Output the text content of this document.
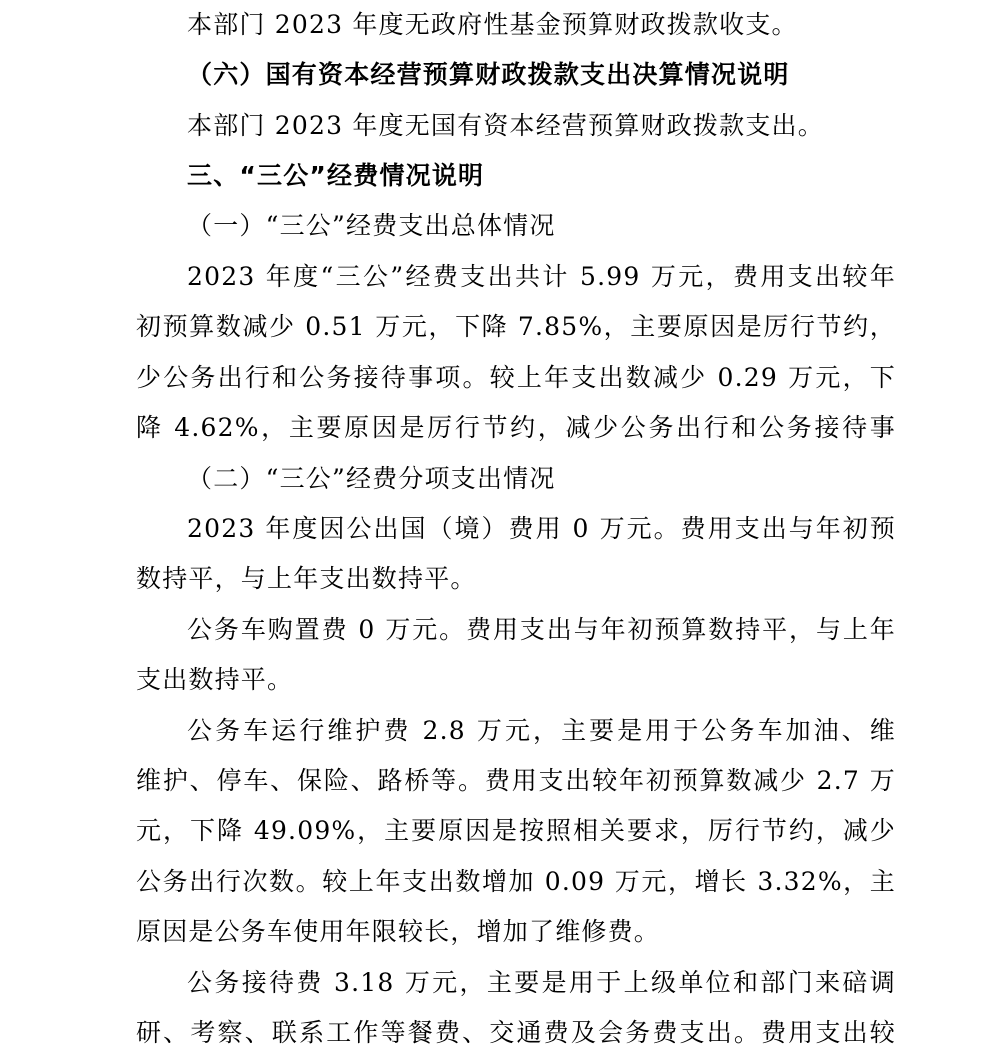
本部门 2023 年度无政府性基金预算财政拨款收支。
（六）国有资本经营预算财政拨款支出决算情况说明
本部门 2023 年度无国有资本经营预算财政拨款支出。
三、“三公”经费情况说明
（一）“三公”经费支出总体情况
2023 年度“三公”经费支出共计 5.99 万元，费用支出较年
初预算数减少 0.51 万元，下降 7.85%，主要原因是厉行节约，
少公务出行和公务接待事项。较上年支出数减少 0.29 万元，下
降 4.62%，主要原因是厉行节约，减少公务出行和公务接待事
（二）“三公”经费分项支出情况
2023 年度因公出国（境）费用 0 万元。费用支出与年初预
数持平，与上年支出数持平。
公务车购置费 0 万元。费用支出与年初预算数持平，与上年
支出数持平。
公务车运行维护费 2.8 万元，主要是用于公务车加油、维
维护、停车、保险、路桥等。费用支出较年初预算数减少 2.7 万
元，下降 49.09%，主要原因是按照相关要求，厉行节约，减少
公务出行次数。较上年支出数增加 0.09 万元，增长 3.32%，主
原因是公务车使用年限较长，增加了维修费。
公务接待费 3.18 万元，主要是用于上级单位和部门来碚调
研、考察、联系工作等餐费、交通费及会务费支出。费用支出较
